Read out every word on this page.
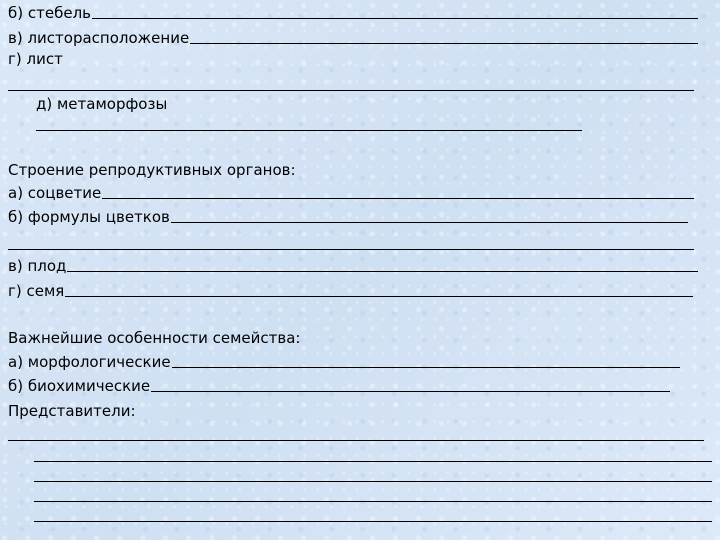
б) стебель
в) листорасположение
г) лист
д) метаморфозы
Строение репродуктивных органов:
а) соцветие
б) формулы цветков
в) плод
г) семя
Важнейшие особенности семейства:
а) морфологические
б) биохимические
Представители:
